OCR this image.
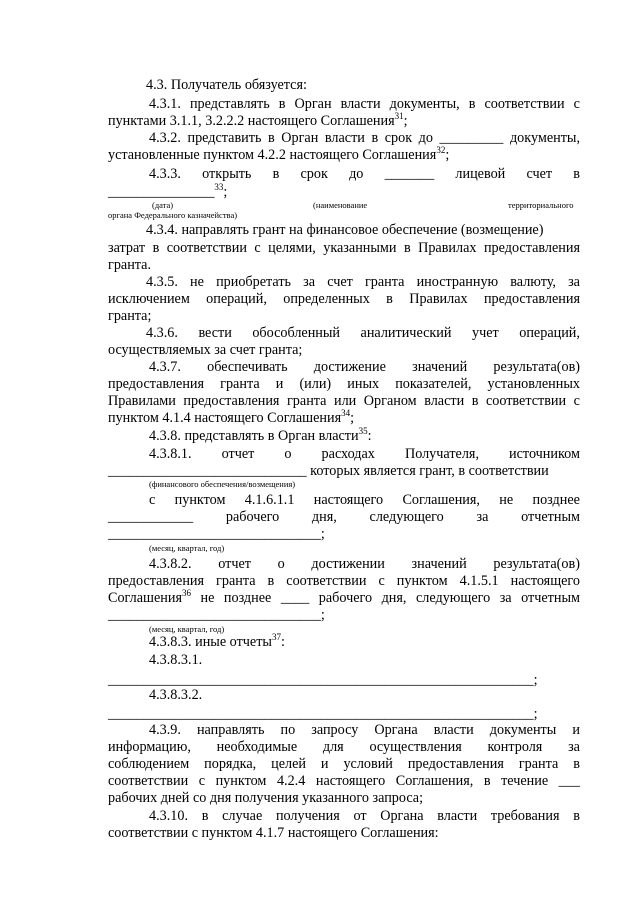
4.3. Получатель обязуется:
4.3.1. представлять в Орган власти документы, в соответствии с
пунктами 3.1.1, 3.2.2.2 настоящего Соглашения$^{31}$;
4.3.2. представить в Орган власти в срок до _________ документы,
установленные пунктом 4.2.2 настоящего Соглашения$^{32}$;
4.3.3. открыть в срок до _______ лицевой счет в
_______________$^{33}$;
(дата)	(наименование	территориального
органа Федерального казначейства)
4.3.4. направлять грант на финансовое обеспечение (возмещение)
затрат в соответствии с целями, указанными в Правилах предоставления
гранта.
4.3.5. не приобретать за счет гранта иностранную валюту, за
исключением операций, определенных в Правилах предоставления
гранта;
4.3.6. вести обособленный аналитический учет операций,
осуществляемых за счет гранта;
4.3.7. обеспечивать достижение значений результата(ов)
предоставления гранта и (или) иных показателей, установленных
Правилами предоставления гранта или Органом власти в соответствии с
пунктом 4.1.4 настоящего Соглашения$^{34}$;
4.3.8. представлять в Орган власти$^{35}$:
4.3.8.1. отчет о расходах Получателя, источником
____________________________ которых является грант, в соответствии
(финансового обеспечения/возмещения)
с пунктом 4.1.6.1.1 настоящего Соглашения, не позднее
____________ рабочего дня, следующего за отчетным
______________________________;
(месяц, квартал, год)
4.3.8.2. отчет о достижении значений результата(ов)
предоставления гранта в соответствии с пунктом 4.1.5.1 настоящего
Соглашения$^{36}$ не позднее ____ рабочего дня, следующего за отчетным
______________________________;
(месяц, квартал, год)
4.3.8.3. иные отчеты$^{37}$:
4.3.8.3.1.
____________________________________________________________;
4.3.8.3.2.
____________________________________________________________;
4.3.9. направлять по запросу Органа власти документы и
информацию, необходимые для осуществления контроля за
соблюдением порядка, целей и условий предоставления гранта в
соответствии с пунктом 4.2.4 настоящего Соглашения, в течение ___
рабочих дней со дня получения указанного запроса;
4.3.10. в случае получения от Органа власти требования в
соответствии с пунктом 4.1.7 настоящего Соглашения:
